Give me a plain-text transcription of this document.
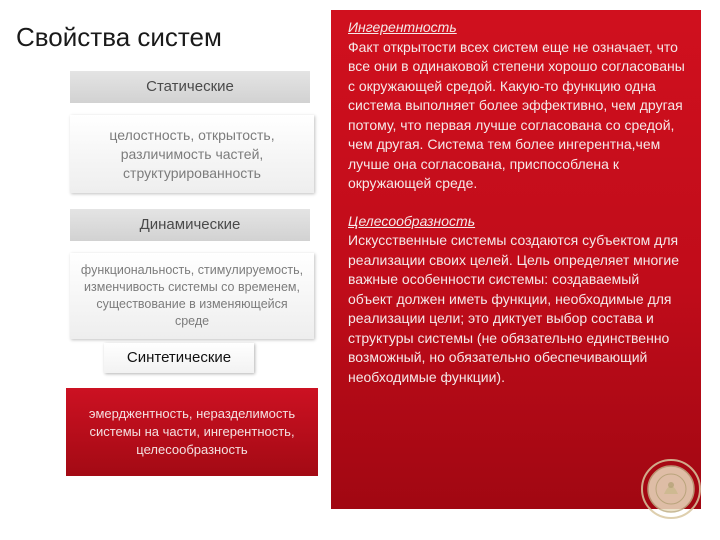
Свойства систем
Статические
целостность, открытость, различимость частей, структурированность
Динамические
функциональность, стимулируемость, изменчивость системы со временем, существование в изменяющейся среде
Синтетические
эмерджентность, неразделимость системы на части, ингерентность, целесообразность
Ингерентность
Факт открытости всех систем еще не означает, что все они в одинаковой степени хорошо согласованы с окружающей средой. Какую-то функцию одна система выполняет более эффективно, чем другая потому, что первая лучше согласована со средой, чем другая. Система тем более ингерентна,чем лучше она согласована, приспособлена к окружающей среде.
Целесообразность
Искусственные системы создаются субъектом для реализации своих целей. Цель определяет многие важные особенности системы: создаваемый объект должен иметь функции, необходимые для реализации цели; это диктует выбор состава и структуры системы (не обязательно единственно возможный, но обязательно обеспечивающий необходимые функции).
